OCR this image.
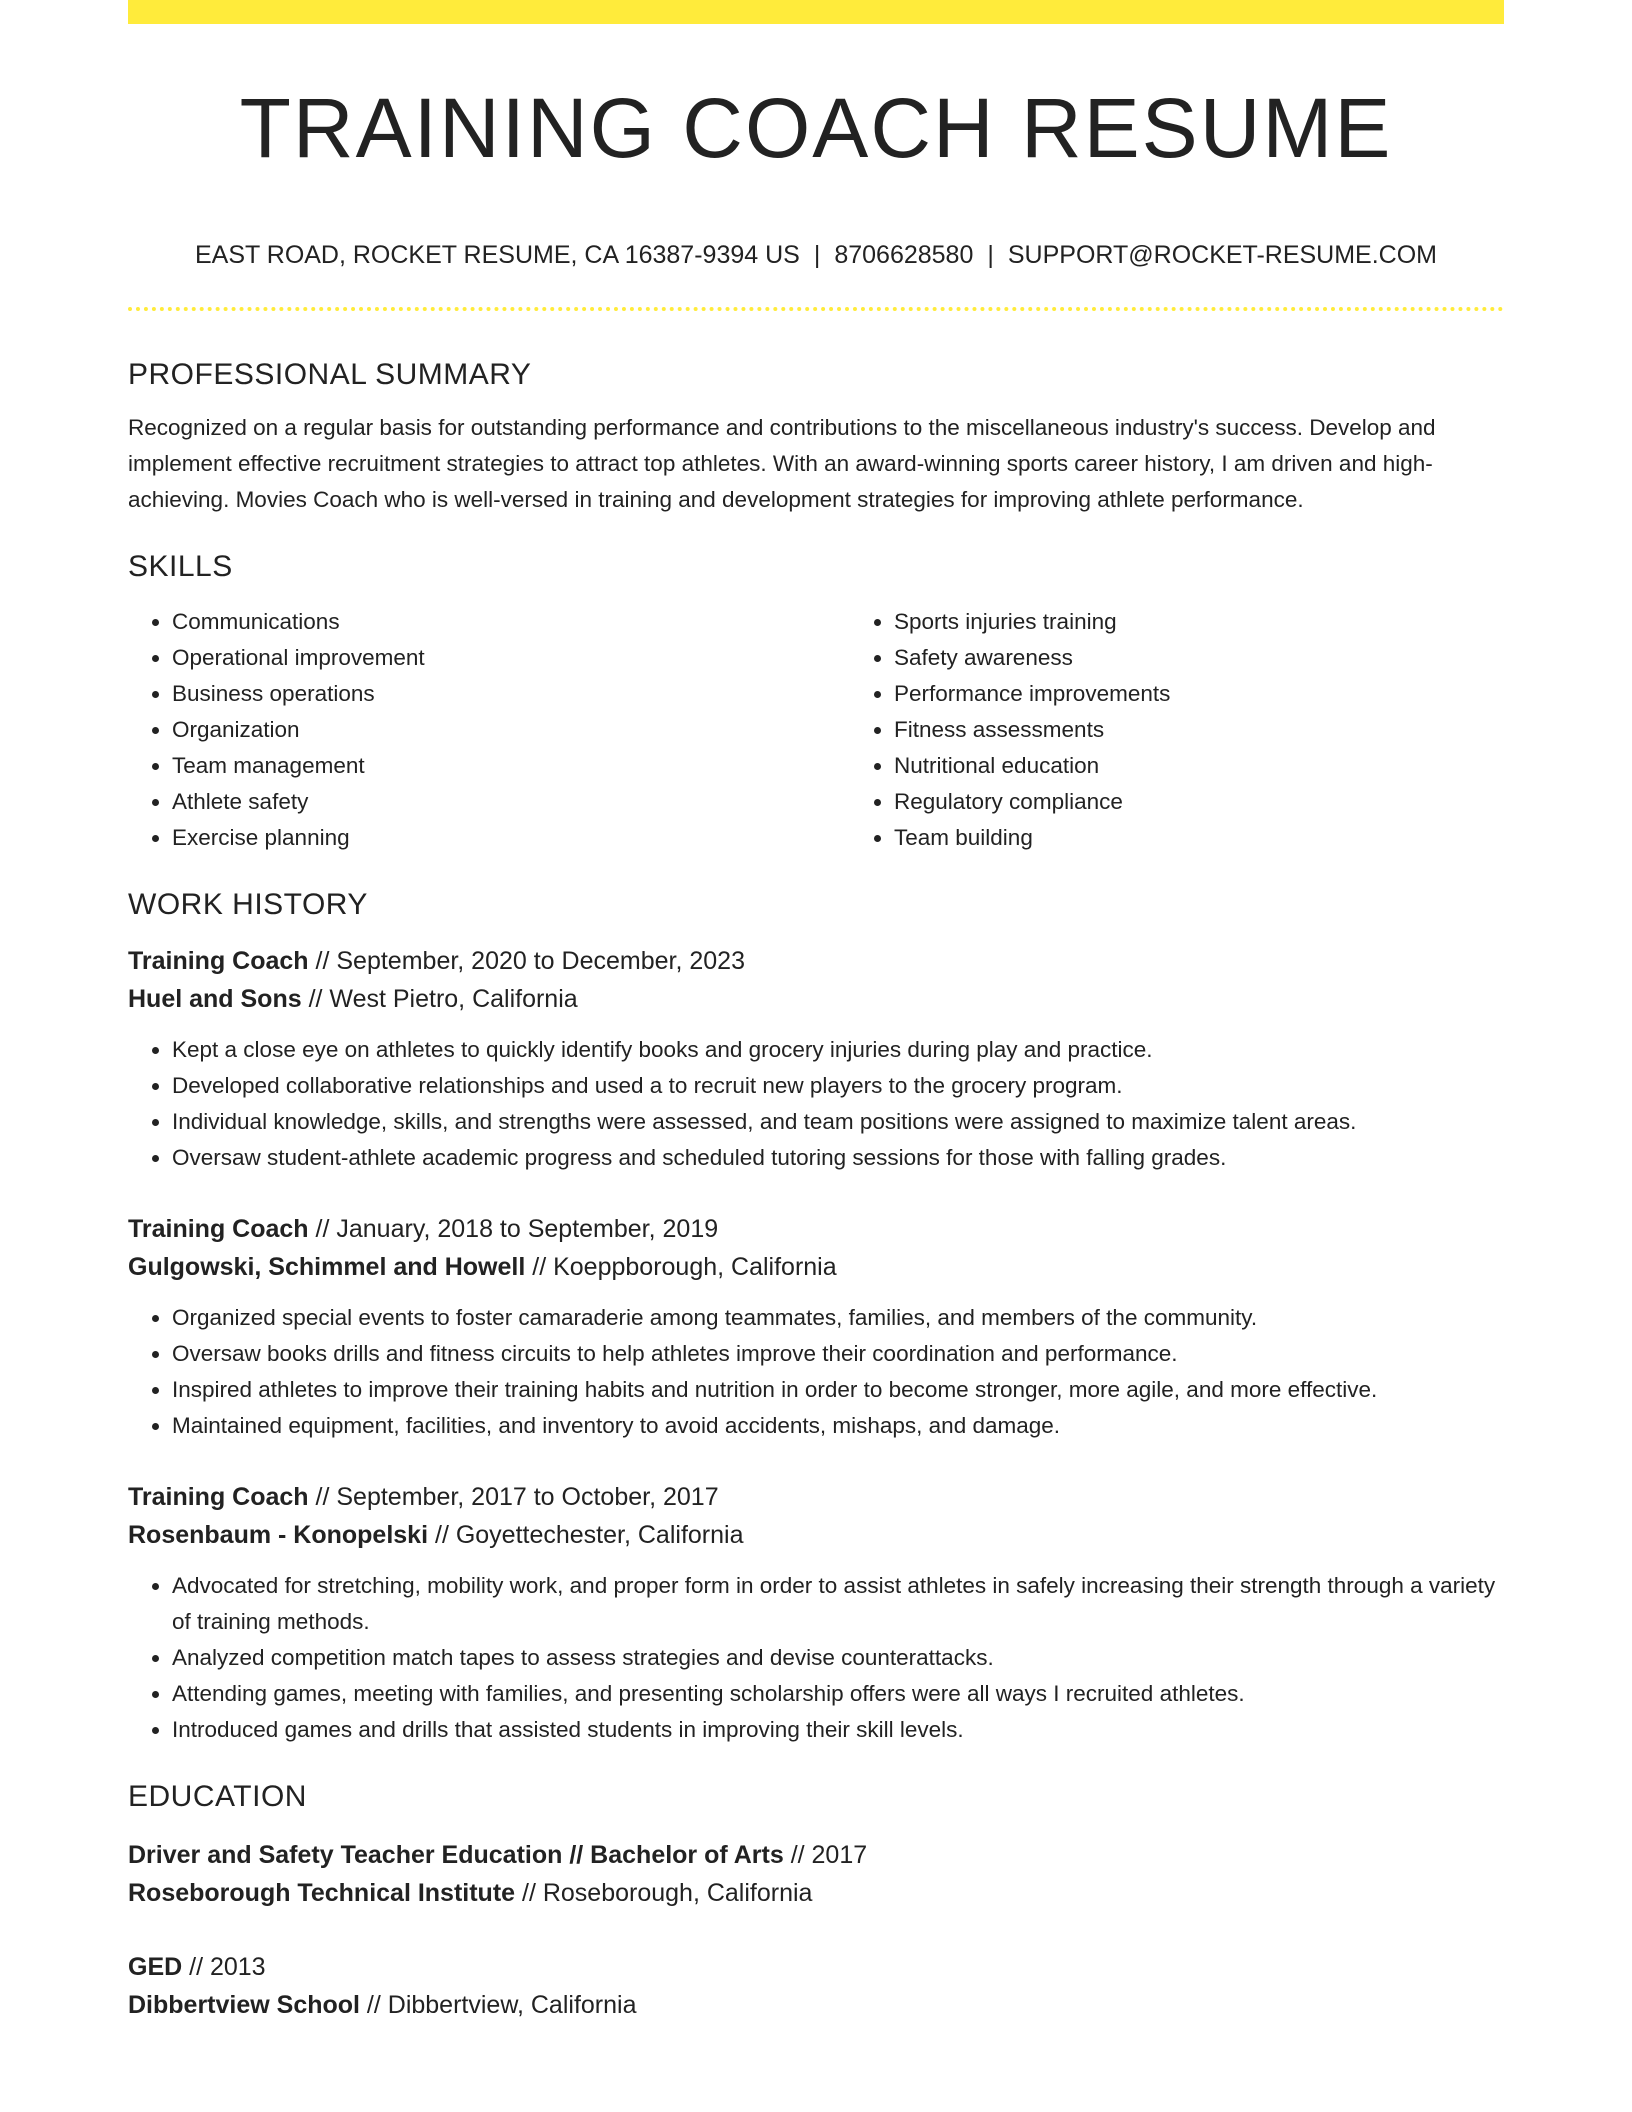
TRAINING COACH RESUME
EAST ROAD, ROCKET RESUME, CA 16387-9394 US | 8706628580 | SUPPORT@ROCKET-RESUME.COM
PROFESSIONAL SUMMARY
Recognized on a regular basis for outstanding performance and contributions to the miscellaneous industry's success. Develop and implement effective recruitment strategies to attract top athletes. With an award-winning sports career history, I am driven and high-achieving. Movies Coach who is well-versed in training and development strategies for improving athlete performance.
SKILLS
• Communications
• Operational improvement
• Business operations
• Organization
• Team management
• Athlete safety
• Exercise planning
• Sports injuries training
• Safety awareness
• Performance improvements
• Fitness assessments
• Nutritional education
• Regulatory compliance
• Team building
WORK HISTORY
Training Coach // September, 2020 to December, 2023
Huel and Sons // West Pietro, California
• Kept a close eye on athletes to quickly identify books and grocery injuries during play and practice.
• Developed collaborative relationships and used a to recruit new players to the grocery program.
• Individual knowledge, skills, and strengths were assessed, and team positions were assigned to maximize talent areas.
• Oversaw student-athlete academic progress and scheduled tutoring sessions for those with falling grades.
Training Coach // January, 2018 to September, 2019
Gulgowski, Schimmel and Howell // Koeppborough, California
• Organized special events to foster camaraderie among teammates, families, and members of the community.
• Oversaw books drills and fitness circuits to help athletes improve their coordination and performance.
• Inspired athletes to improve their training habits and nutrition in order to become stronger, more agile, and more effective.
• Maintained equipment, facilities, and inventory to avoid accidents, mishaps, and damage.
Training Coach // September, 2017 to October, 2017
Rosenbaum - Konopelski // Goyettechester, California
• Advocated for stretching, mobility work, and proper form in order to assist athletes in safely increasing their strength through a variety of training methods.
• Analyzed competition match tapes to assess strategies and devise counterattacks.
• Attending games, meeting with families, and presenting scholarship offers were all ways I recruited athletes.
• Introduced games and drills that assisted students in improving their skill levels.
EDUCATION
Driver and Safety Teacher Education // Bachelor of Arts // 2017
Roseborough Technical Institute // Roseborough, California
GED // 2013
Dibbertview School // Dibbertview, California
